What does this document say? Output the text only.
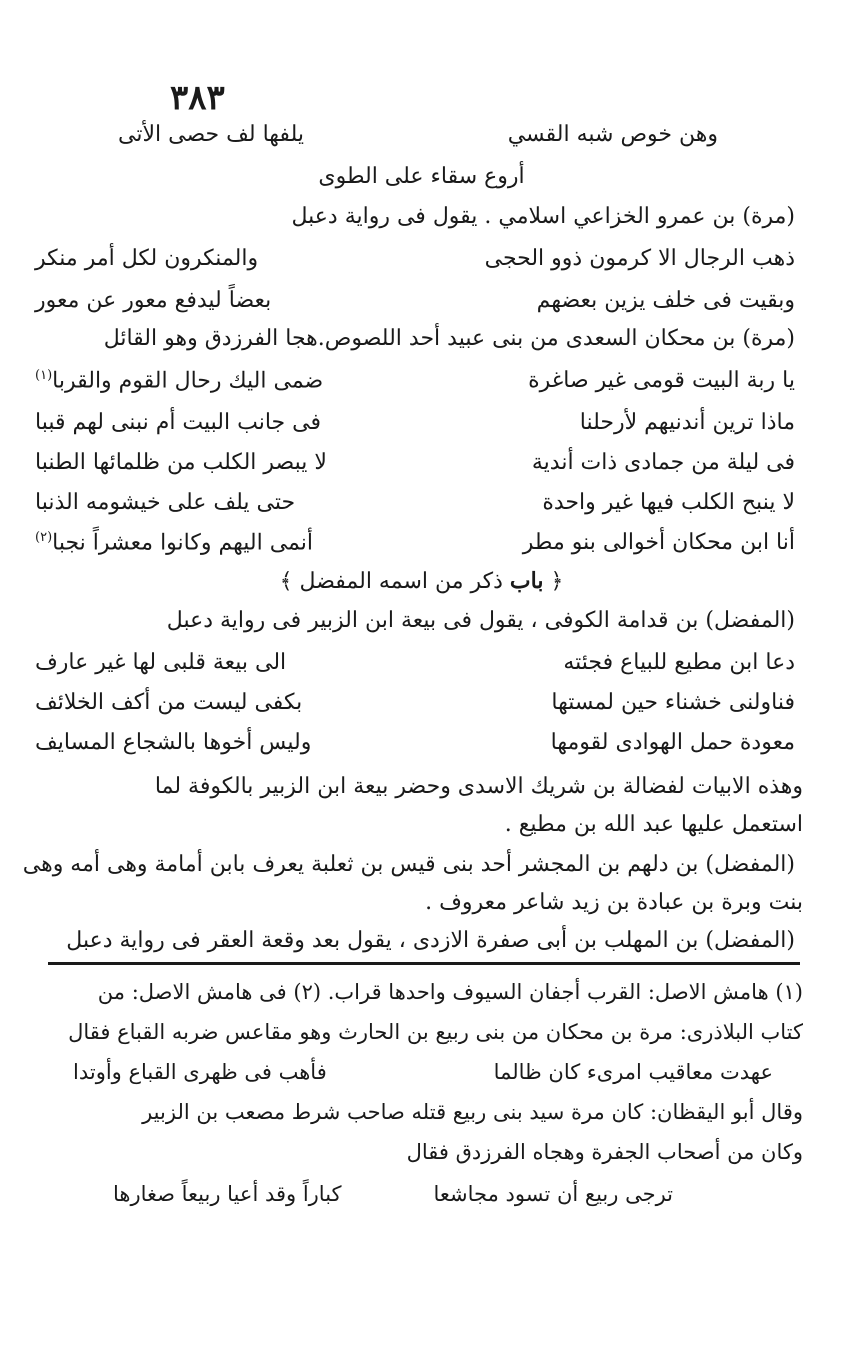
٣٨٣
وهن خوص شبه القسي
يلفها لف حصى الأتى
أروع سقاء على الطوى
(مرة) بن عمرو الخزاعي اسلامي . يقول فى رواية دعبل
ذهب الرجال الا كرمون ذوو الحجى
والمنكرون لكل أمر منكر
وبقيت فى خلف يزين بعضهم
بعضاً ليدفع معور عن معور
(مرة) بن محكان السعدى من بنى عبيد أحد اللصوص.هجا الفرزدق وهو القائل
يا ربة البيت قومى غير صاغرة
ضمى اليك رحال القوم والقربا$^{(١)}$
ماذا ترين أندنيهم لأرحلنا
فى جانب البيت أم نبنى لهم قببا
فى ليلة من جمادى ذات أندية
لا يبصر الكلب من ظلمائها الطنبا
لا ينبح الكلب فيها غير واحدة
حتى يلف على خيشومه الذنبا
أنا ابن محكان أخوالى بنو مطر
أنمى اليهم وكانوا معشراً نجبا$^{(٢)}$
﴿ باب ذكر من اسمه المفضل ﴾
(المفضل) بن قدامة الكوفى ، يقول فى بيعة ابن الزبير فى رواية دعبل
دعا ابن مطيع للبياع فجئته
الى بيعة قلبى لها غير عارف
فناولنى خشناء حين لمستها
بكفى ليست من أكف الخلائف
معودة حمل الهوادى لقومها
وليس أخوها بالشجاع المسايف
وهذه الابيات لفضالة بن شريك الاسدى وحضر بيعة ابن الزبير بالكوفة لما
استعمل عليها عبد الله بن مطيع .
(المفضل) بن دلهم بن المجشر أحد بنى قيس بن ثعلبة يعرف بابن أمامة وهى أمه وهى
بنت وبرة بن عبادة بن زيد شاعر معروف .
(المفضل) بن المهلب بن أبى صفرة الازدى ، يقول بعد وقعة العقر فى رواية دعبل
(١) هامش الاصل: القرب أجفان السيوف واحدها قراب. (٢) فى هامش الاصل: من
كتاب البلاذرى: مرة بن محكان من بنى ربيع بن الحارث وهو مقاعس ضربه القباع فقال
عهدت معاقيب امرىء كان ظالما
فأهب فى ظهرى القباع وأوتدا
وقال أبو اليقظان: كان مرة سيد بنى ربيع قتله صاحب شرط مصعب بن الزبير
وكان من أصحاب الجفرة وهجاه الفرزدق فقال
ترجى ربيع أن تسود مجاشعا
كباراً وقد أعيا ربيعاً صغارها
